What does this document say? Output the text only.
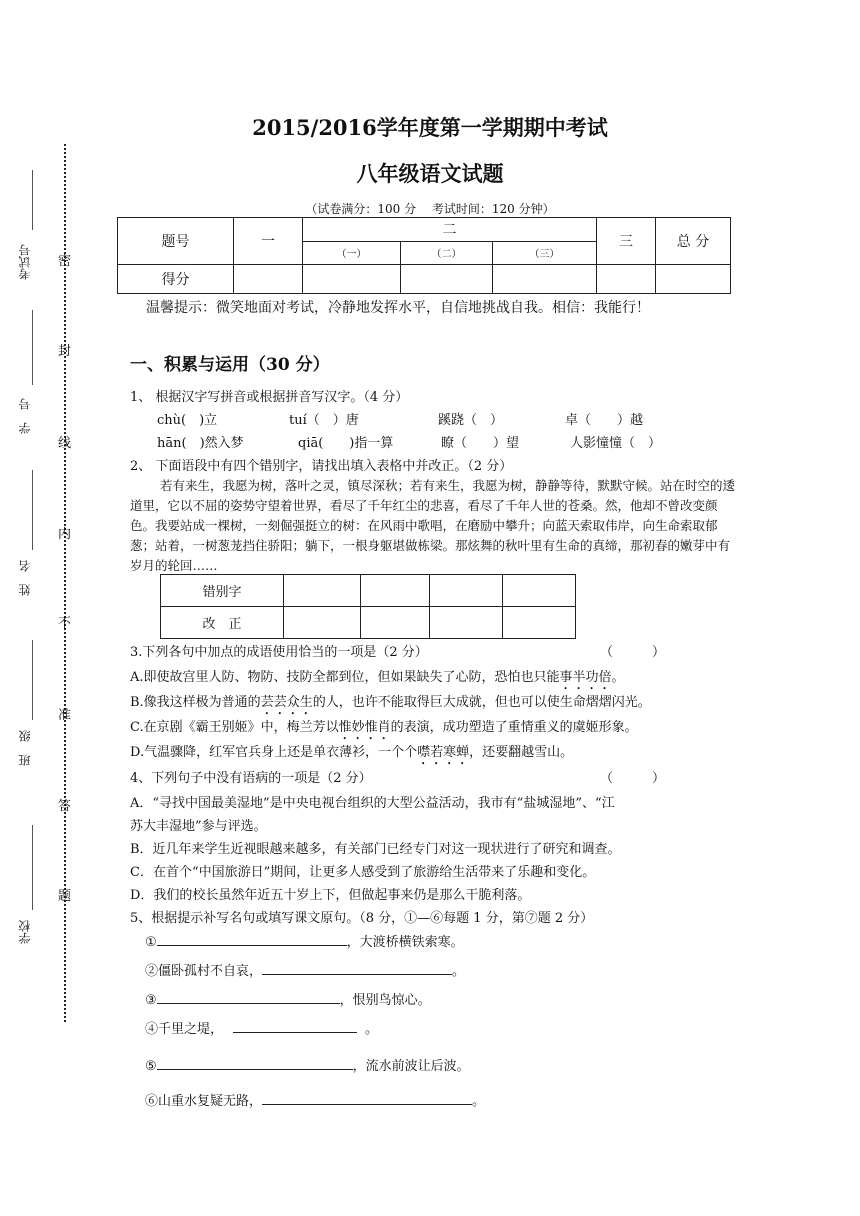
密
封
线
内
不
准
答
题
考试号
学　号
姓　名
班　级
学校
2015/2016学年度第一学期期中考试
八年级语文试题
（试卷满分：100 分　 考试时间：120 分钟）
题号	一	二			三	总 分
		（一）	（二）	（三）		
得分						
温馨提示：微笑地面对考试，冷静地发挥水平，自信地挑战自我。相信：我能行！
一、积累与运用（30 分）
1、 根据汉字写拼音或根据拼音写汉字。（4 分）
chù(　)立	tuí（　）唐	蹊跷（　）	卓（　　）越
hān(　)然入梦	qiā(　　)指一算	瞭（　　）望	人影憧憧（　）
2、 下面语段中有四个错别字，请找出填入表格中并改正。（2 分）
若有来生，我愿为树，落叶之灵，镇尽深秋；若有来生，我愿为树，静静等待，默默守候。站在时空的逶道里，它以不屈的姿势守望着世界，看尽了千年红尘的悲喜，看尽了千年人世的苍桑。然，他却不曾改变颜色。我要站成一棵树，一刻倔强挺立的树：在风雨中歌唱，在磨励中攀升；向蓝天索取伟岸，向生命索取郁葱；站着，一树葱茏挡住骄阳；躺下，一根身躯堪做栋梁。那炫舞的秋叶里有生命的真缔，那初春的嫩芽中有岁月的轮回……
错别字				
改　正				
3.下列各句中加点的成语使用恰当的一项是（2 分）	（　　　）
A.即使故宫里人防、物防、技防全都到位，但如果缺失了心防，恐怕也只能事半功倍。
B.像我这样极为普通的芸芸众生的人，也许不能取得巨大成就，但也可以使生命熠熠闪光。
C.在京剧《霸王别姬》中，梅兰芳以惟妙惟肖的表演，成功塑造了重情重义的虞姬形象。
D.气温骤降，红军官兵身上还是单衣薄衫，一个个噤若寒蝉，还要翻越雪山。
4、下列句子中没有语病的一项是（2 分）	（　　　）
A．“寻找中国最美湿地”是中央电视台组织的大型公益活动，我市有“盐城湿地”、“江
苏大丰湿地”参与评选。
B．近几年来学生近视眼越来越多，有关部门已经专门对这一现状进行了研究和调查。
C．在首个“中国旅游日”期间，让更多人感受到了旅游给生活带来了乐趣和变化。
D．我们的校长虽然年近五十岁上下，但做起事来仍是那么干脆利落。
5、根据提示补写名句或填写课文原句。（8 分，①—⑥每题 1 分，第⑦题 2 分）
①	，大渡桥横铁索寒。
②僵卧孤村不自哀，	。
③	，恨别鸟惊心。
④千里之堤，	。
⑤	，流水前波让后波。
⑥山重水复疑无路，	。
